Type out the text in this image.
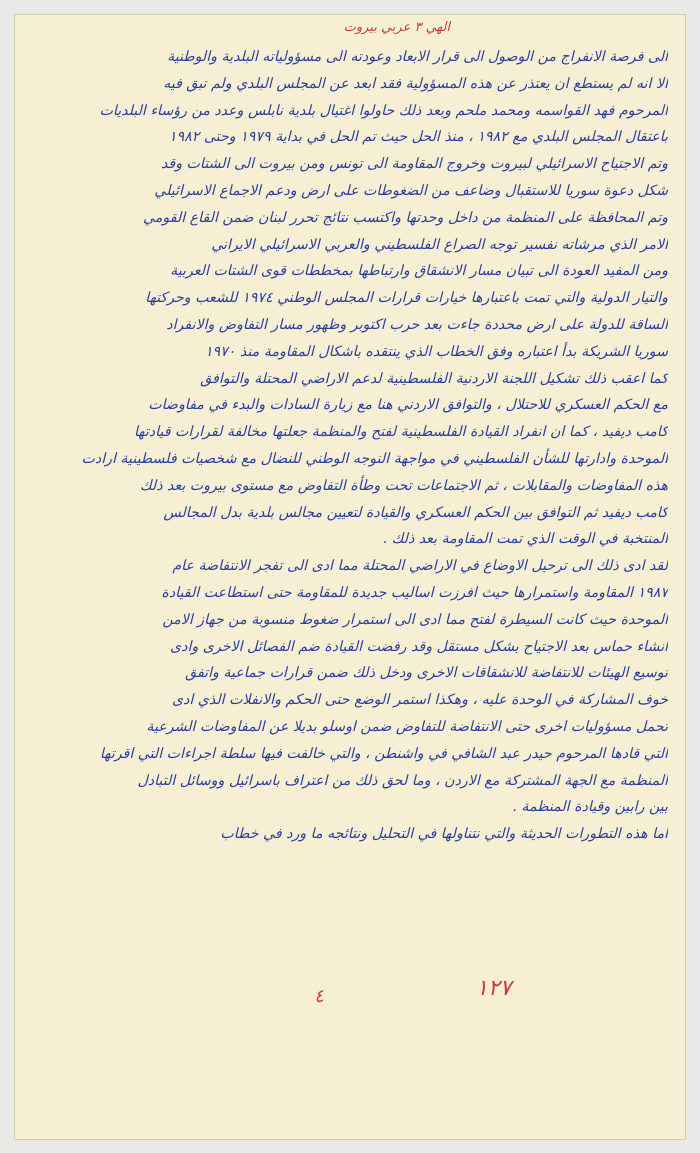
الهي ٣ عربي بيروت
الى فرصة الانفراج من الوصول الى قرار الابعاد وعودته الى مسؤولياته البلدية والوطنية
الا انه لم يستطع ان يعتذر عن هذه المسؤولية فقد ابعد عن المجلس البلدي ولم تبق فيه
المرحوم فهد القواسمه ومحمد ملحم وبعد ذلك حاولوا اغتيال بلدية نابلس وعدد من رؤساء البلديات
باعتقال المجلس البلدي مع ١٩٨٢ ، منذ الحل حيث تم الحل في بداية ١٩٧٩ وحتى ١٩٨٢
وتم الاجتياح الاسرائيلي لبيروت وخروج المقاومة الى تونس ومن بيروت الى الشتات وقد
شكل دعوة سوريا للاستقبال وضاعف من الضغوطات على ارض ودعم الاجماع الاسرائيلي
وتم المحافظة على المنظمة من داخل وحدتها واكتسب نتائج تحرر لبنان ضمن القاع القومي
الامر الذي مرشاته نفسير توجه الصراع الفلسطيني والعربي الاسرائيلي الايراني
ومن المفيد العودة الى تبيان مسار الانشقاق وارتباطها بمخططات قوى الشتات العربية
والتيار الدولية والتي تمت باعتبارها خيارات قرارات المجلس الوطني ١٩٧٤ للشعب وحركتها
الساقة للدولة على ارض محددة جاءت بعد حرب اكتوبر وظهور مسار التفاوض والانفراد
سوريا الشريكة بدأ اعتباره وفق الخطاب الذي ينتقده باشكال المقاومة منذ ١٩٧٠
كما اعقب ذلك تشكيل اللجنة الاردنية الفلسطينية لدعم الاراضي المحتلة والتوافق
مع الحكم العسكري للاحتلال ، والتوافق الاردني هنا مع زيارة السادات والبدء في مفاوضات
كامب ديفيد ، كما ان انفراد القيادة الفلسطينية لفتح والمنظمة جعلتها مخالفة لقرارات قيادتها
الموحدة وادارتها للشأن الفلسطيني في مواجهة النوجه الوطني للنضال مع شخصيات فلسطينية ارادت
هذه المفاوضات والمقابلات ، ثم الاجتماعات تحت وطأة التفاوض مع مستوى بيروت بعد ذلك
كامب ديفيد ثم التوافق بين الحكم العسكري والقيادة لتعيين مجالس بلدية بدل المجالس
المنتخبة في الوقت الذي تمت المقاومة بعد ذلك .
لقد ادى ذلك الى ترحيل الاوضاع في الاراضي المحتلة مما ادى الى تفجر الانتفاضة عام
١٩٨٧ المقاومة واستمرارها حيث افرزت اساليب جديدة للمقاومة حتى استطاعت القيادة
الموحدة حيث كانت السيطرة لفتح مما ادى الى استمرار ضغوط منسوبة من جهاز الامن
انشاء حماس بعد الاجتياح بشكل مستقل وقد رفضت القيادة ضم الفصائل الاخرى وادى
توسيع الهيئات للانتفاضة للانشقاقات الاخرى ودخل ذلك ضمن قرارات جماعية واتفق
خوف المشاركة في الوحدة عليه ، وهكذا استمر الوضع حتى الحكم والانفلات الذي ادى
تحمل مسؤوليات اخرى حتى الانتفاضة للتفاوض ضمن اوسلو بديلا عن المفاوضات الشرعية
التي قادها المرحوم حيدر عبد الشافي في واشنطن ، والتي خالفت فيها سلطة اجراءات التي اقرتها
المنظمة مع الجهة المشتركة مع الاردن ، وما لحق ذلك من اعتراف باسرائيل ووسائل التبادل
بين رابين وقيادة المنظمة .
اما هذه التطورات الحديثة والتي نتناولها في التحليل ونتائجه ما ورد في خطاب
٤	١٢٧
